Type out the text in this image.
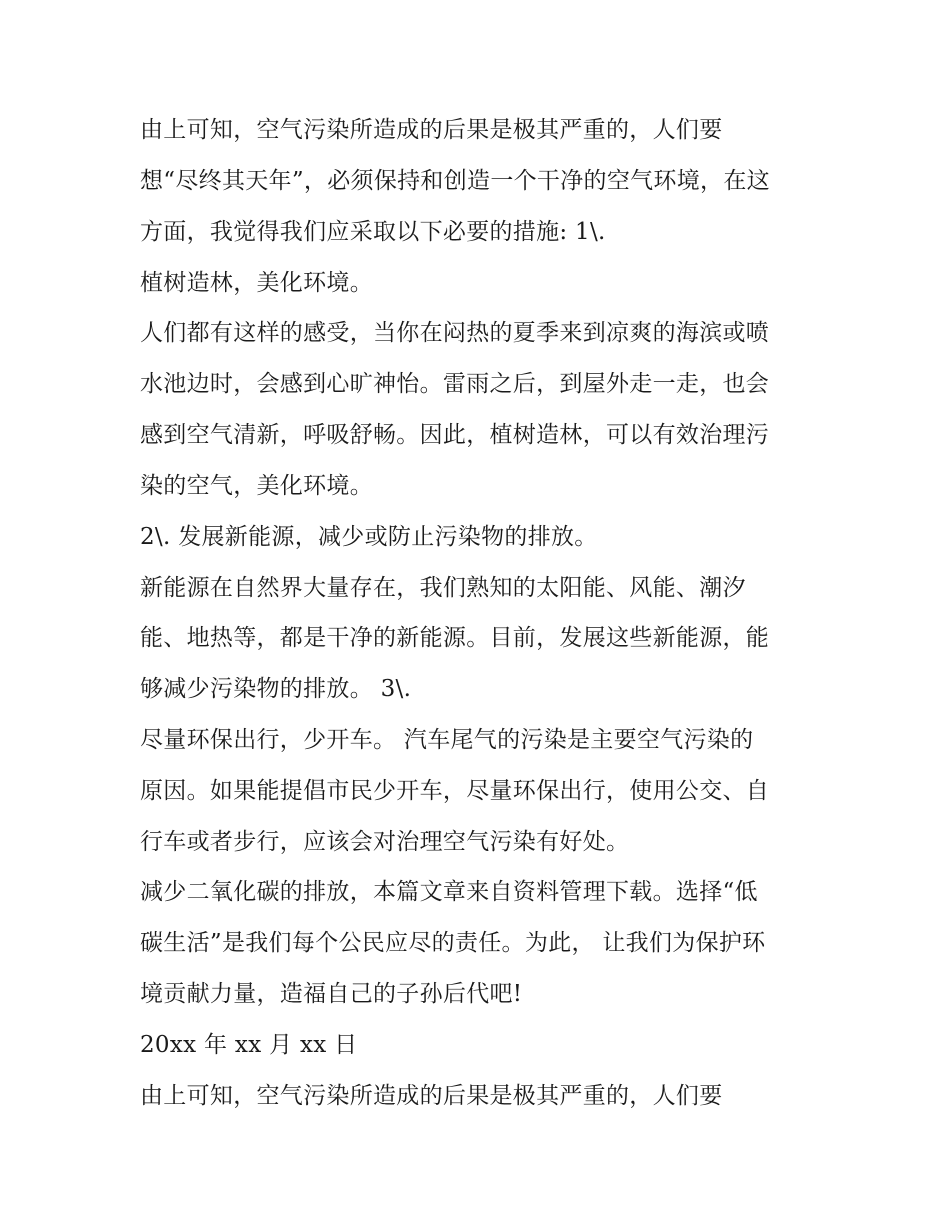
由上可知，空气污染所造成的后果是极其严重的，人们要
想“尽终其天年”，必须保持和创造一个干净的空气环境，在这
方面，我觉得我们应采取以下必要的措施: 1\.
植树造林，美化环境。
人们都有这样的感受，当你在闷热的夏季来到凉爽的海滨或喷
水池边时，会感到心旷神怡。雷雨之后，到屋外走一走，也会
感到空气清新，呼吸舒畅。因此，植树造林，可以有效治理污
染的空气，美化环境。
2\. 发展新能源，减少或防止污染物的排放。
新能源在自然界大量存在，我们熟知的太阳能、风能、潮汐
能、地热等，都是干净的新能源。目前，发展这些新能源，能
够减少污染物的排放。 3\.
尽量环保出行，少开车。 汽车尾气的污染是主要空气污染的
原因。如果能提倡市民少开车，尽量环保出行，使用公交、自
行车或者步行，应该会对治理空气污染有好处。
减少二氧化碳的排放，本篇文章来自资料管理下载。选择“低
碳生活”是我们每个公民应尽的责任。为此， 让我们为保护环
境贡献力量，造福自己的子孙后代吧!
20xx 年 xx 月 xx 日
由上可知，空气污染所造成的后果是极其严重的，人们要
